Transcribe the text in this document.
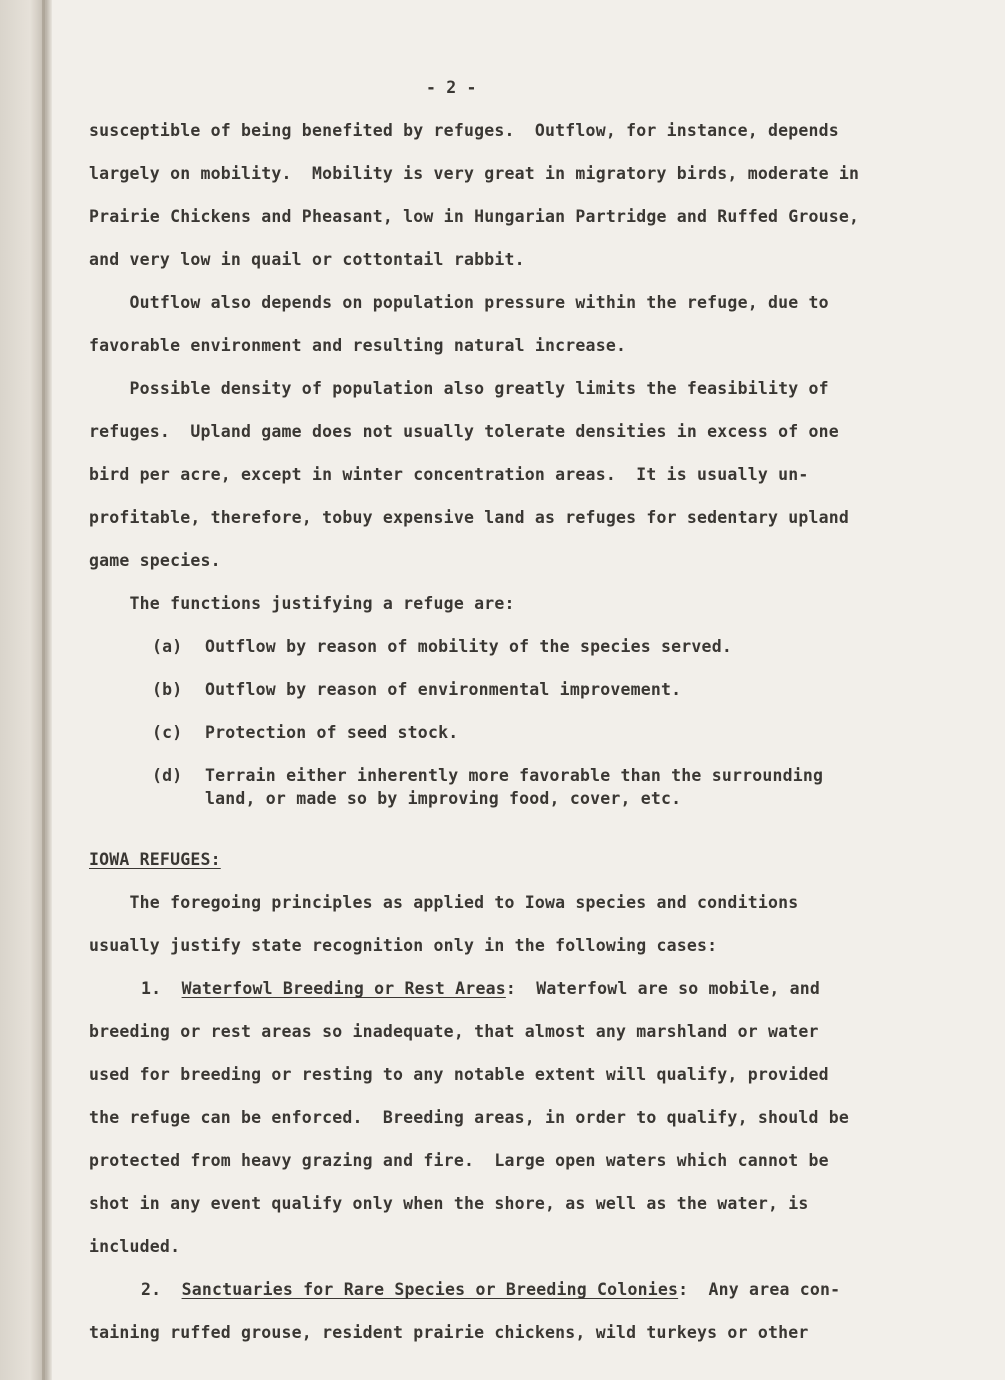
- 2 -
susceptible of being benefited by refuges.  Outflow, for instance, depends
largely on mobility.  Mobility is very great in migratory birds, moderate in
Prairie Chickens and Pheasant, low in Hungarian Partridge and Ruffed Grouse,
and very low in quail or cottontail rabbit.
Outflow also depends on population pressure within the refuge, due to
favorable environment and resulting natural increase.
Possible density of population also greatly limits the feasibility of
refuges.  Upland game does not usually tolerate densities in excess of one
bird per acre, except in winter concentration areas.  It is usually un-
profitable, therefore, tobuy expensive land as refuges for sedentary upland
game species.
The functions justifying a refuge are:
(a) Outflow by reason of mobility of the species served.
(b) Outflow by reason of environmental improvement.
(c) Protection of seed stock.
(d) Terrain either inherently more favorable than the surrounding
land, or made so by improving food, cover, etc.
IOWA REFUGES:
The foregoing principles as applied to Iowa species and conditions
usually justify state recognition only in the following cases:
1. Waterfowl Breeding or Rest Areas:  Waterfowl are so mobile, and
breeding or rest areas so inadequate, that almost any marshland or water
used for breeding or resting to any notable extent will qualify, provided
the refuge can be enforced.  Breeding areas, in order to qualify, should be
protected from heavy grazing and fire.  Large open waters which cannot be
shot in any event qualify only when the shore, as well as the water, is
included.
2. Sanctuaries for Rare Species or Breeding Colonies:  Any area con-
taining ruffed grouse, resident prairie chickens, wild turkeys or other
